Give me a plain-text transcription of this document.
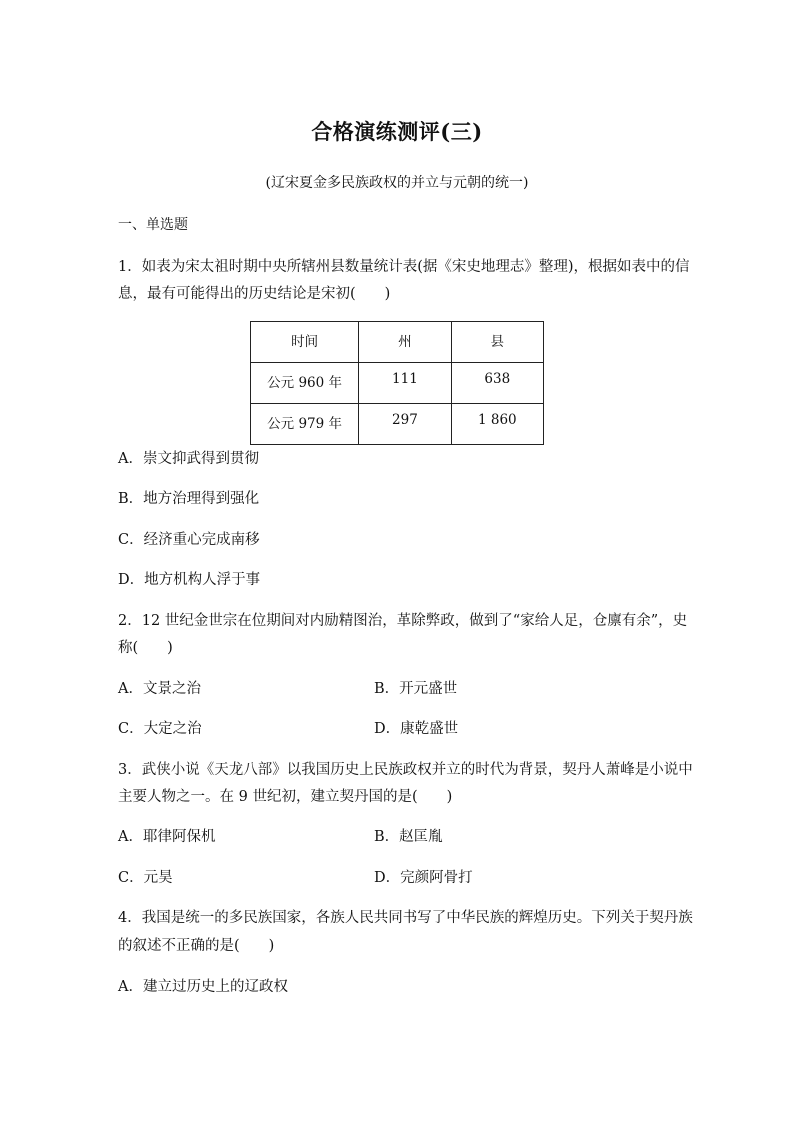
合格演练测评(三)
(辽宋夏金多民族政权的并立与元朝的统一)
一、单选题
1．如表为宋太祖时期中央所辖州县数量统计表(据《宋史地理志》整理)，根据如表中的信
息，最有可能得出的历史结论是宋初(　　)
时间	州	县

公元 960 年	111	638

公元 979 年	297	1 860
A．崇文抑武得到贯彻
B．地方治理得到强化
C．经济重心完成南移
D．地方机构人浮于事
2．12 世纪金世宗在位期间对内励精图治，革除弊政，做到了“家给人足，仓廪有余”，史
称(　　)
A．文景之治	B．开元盛世
C．大定之治	D．康乾盛世
3．武侠小说《天龙八部》以我国历史上民族政权并立的时代为背景，契丹人萧峰是小说中
主要人物之一。在 9 世纪初，建立契丹国的是(　　)
A．耶律阿保机	B．赵匡胤
C．元昊	D．完颜阿骨打
4．我国是统一的多民族国家，各族人民共同书写了中华民族的辉煌历史。下列关于契丹族
的叙述不正确的是(　　)
A．建立过历史上的辽政权
